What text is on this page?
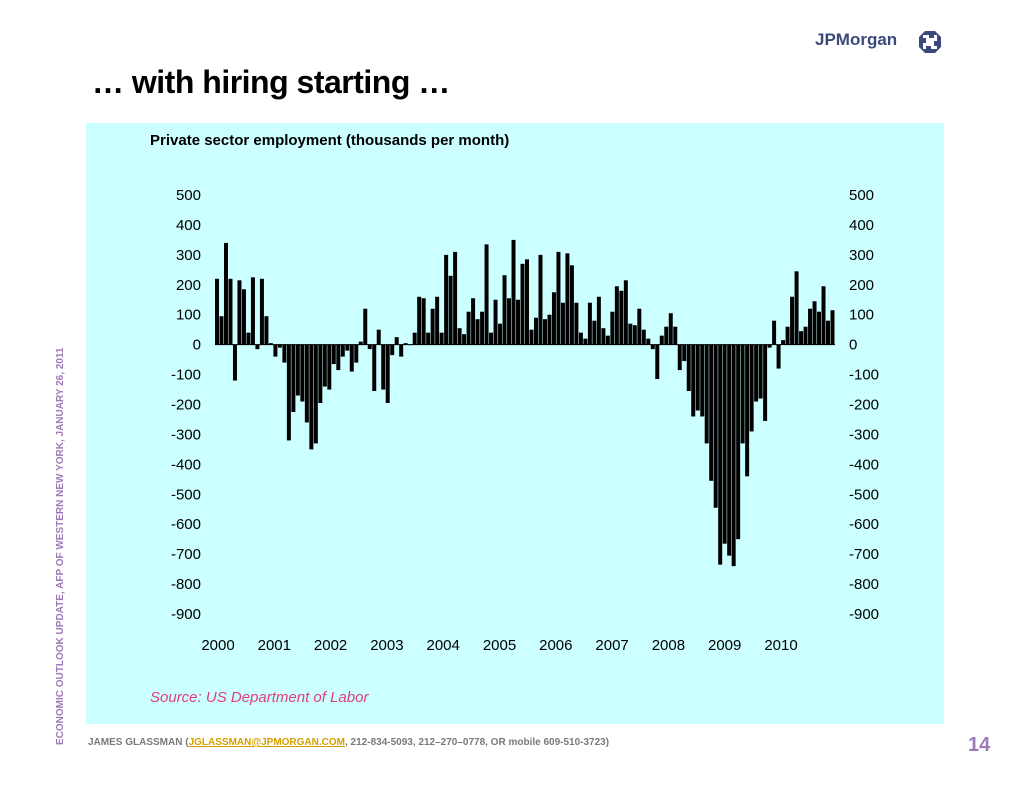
JPMorgan
… with hiring starting …
Private sector employment (thousands per month)
500
400
300
200
100
0
-100
-200
-300
-400
-500
-600
-700
-800
-900
500
400
300
200
100
0
-100
-200
-300
-400
-500
-600
-700
-800
-900
2000 2001 2002 2003 2004 2005 2006 2007 2008 2009 2010
Source: US Department of Labor
ECONOMIC OUTLOOK UPDATE, AFP OF WESTERN NEW YORK, JANUARY 26, 2011 JAMES GLASSMAN (JGLASSMAN@JPMORGAN.COM, 212-834-5093, 212–270–0778, OR mobile 609-510-3723)	14
